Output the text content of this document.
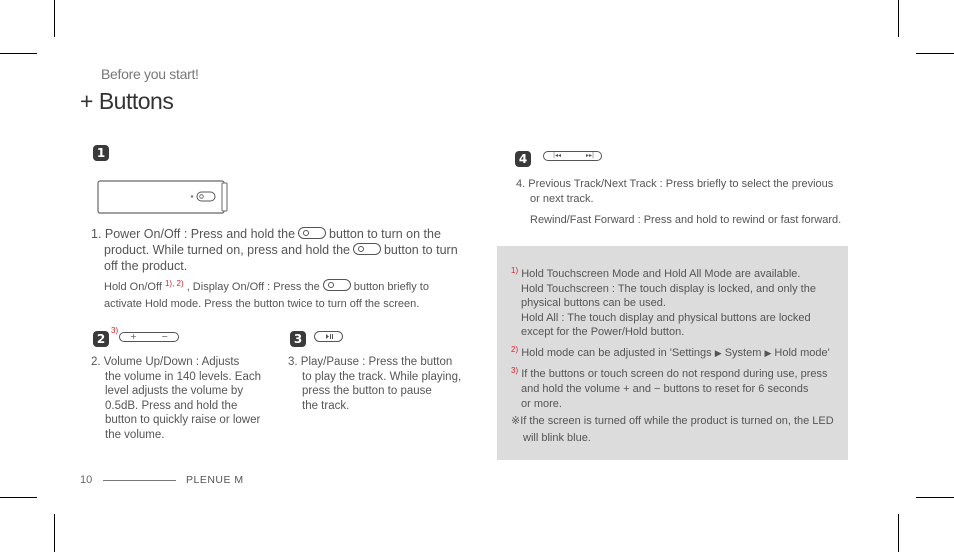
Before you start!
+ Buttons
1
1. Power On/Off : Press and hold the	button to turn on the
product. While turned on, press and hold the	button to turn
off the product.
Hold On/Off $^{1), 2)}$ , Display On/Off : Press the	button briefly to
activate Hold mode. Press the button twice to turn off the screen.
2
3)
+	−
2. Volume Up/Down : Adjusts
the volume in 140 levels. Each
level adjusts the volume by
0.5dB. Press and hold the
button to quickly raise or lower
the volume.
3
3. Play/Pause : Press the button
to play the track. While playing,
press the button to pause
the track.
4	|◂◂	▸▸|
4. Previous Track/Next Track : Press briefly to select the previous
or next track.
Rewind/Fast Forward : Press and hold to rewind or fast forward.
$^{1)}$ Hold Touchscreen Mode and Hold All Mode are available.
Hold Touchscreen : The touch display is locked, and only the
physical buttons can be used.
Hold All : The touch display and physical buttons are locked
except for the Power/Hold button.
$^{2)}$ Hold mode can be adjusted in 'Settings ▶ System ▶ Hold mode'
$^{3)}$ If the buttons or touch screen do not respond during use, press
and hold the volume + and − buttons to reset for 6 seconds
or more.
※If the screen is turned off while the product is turned on, the LED
will blink blue.
10	PLENUE M
